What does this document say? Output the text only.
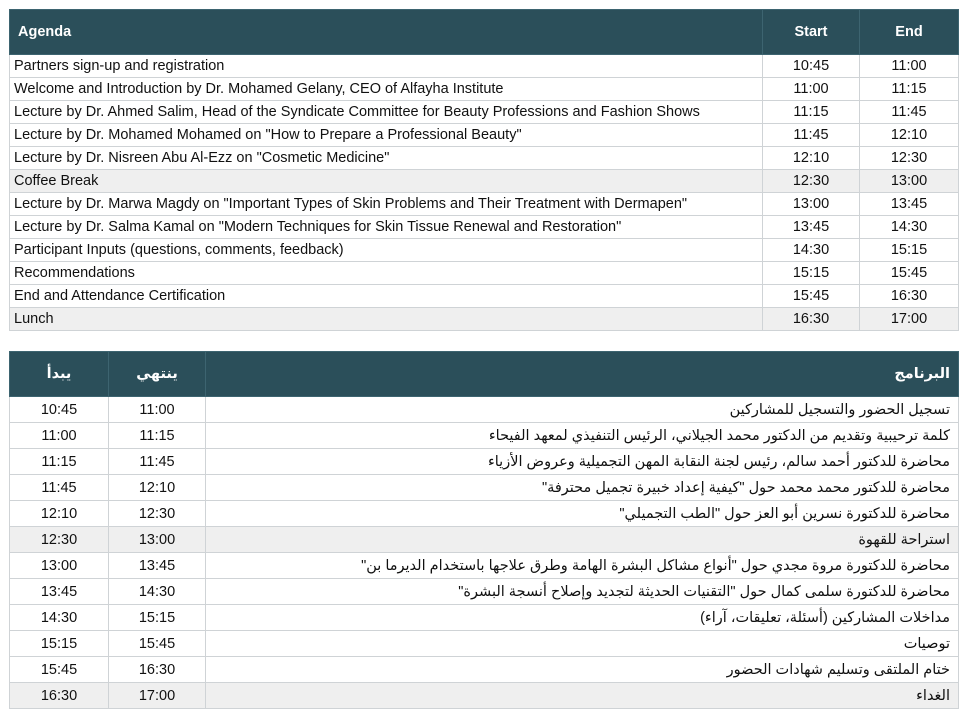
Agenda	Start	End
Partners sign-up and registration	10:45	11:00
Welcome and Introduction by Dr. Mohamed Gelany, CEO of Alfayha Institute	11:00	11:15
Lecture by Dr. Ahmed Salim, Head of the Syndicate Committee for Beauty Professions and Fashion Shows	11:15	11:45
Lecture by Dr. Mohamed Mohamed on "How to Prepare a Professional Beauty"	11:45	12:10
Lecture by Dr. Nisreen Abu Al-Ezz on "Cosmetic Medicine"	12:10	12:30
Coffee Break	12:30	13:00
Lecture by Dr. Marwa Magdy on "Important Types of Skin Problems and Their Treatment with Dermapen"	13:00	13:45
Lecture by Dr. Salma Kamal on "Modern Techniques for Skin Tissue Renewal and Restoration"	13:45	14:30
Participant Inputs (questions, comments, feedback)	14:30	15:15
Recommendations	15:15	15:45
End and Attendance Certification	15:45	16:30
Lunch	16:30	17:00
البرنامج	ينتهي	يبدأ
تسجيل الحضور والتسجيل للمشاركين	11:00	10:45
كلمة ترحيبية وتقديم من الدكتور محمد الجيلاني، الرئيس التنفيذي لمعهد الفيحاء	11:15	11:00
محاضرة للدكتور أحمد سالم، رئيس لجنة النقابة المهن التجميلية وعروض الأزياء	11:45	11:15
محاضرة للدكتور محمد محمد حول "كيفية إعداد خبيرة تجميل محترفة"	12:10	11:45
محاضرة للدكتورة نسرين أبو العز حول "الطب التجميلي"	12:30	12:10
استراحة للقهوة	13:00	12:30
محاضرة للدكتورة مروة مجدي حول "أنواع مشاكل البشرة الهامة وطرق علاجها باستخدام الديرما بن"	13:45	13:00
محاضرة للدكتورة سلمى كمال حول "التقنيات الحديثة لتجديد وإصلاح أنسجة البشرة"	14:30	13:45
مداخلات المشاركين (أسئلة، تعليقات، آراء)	15:15	14:30
توصيات	15:45	15:15
ختام الملتقى وتسليم شهادات الحضور	16:30	15:45
الغداء	17:00	16:30
